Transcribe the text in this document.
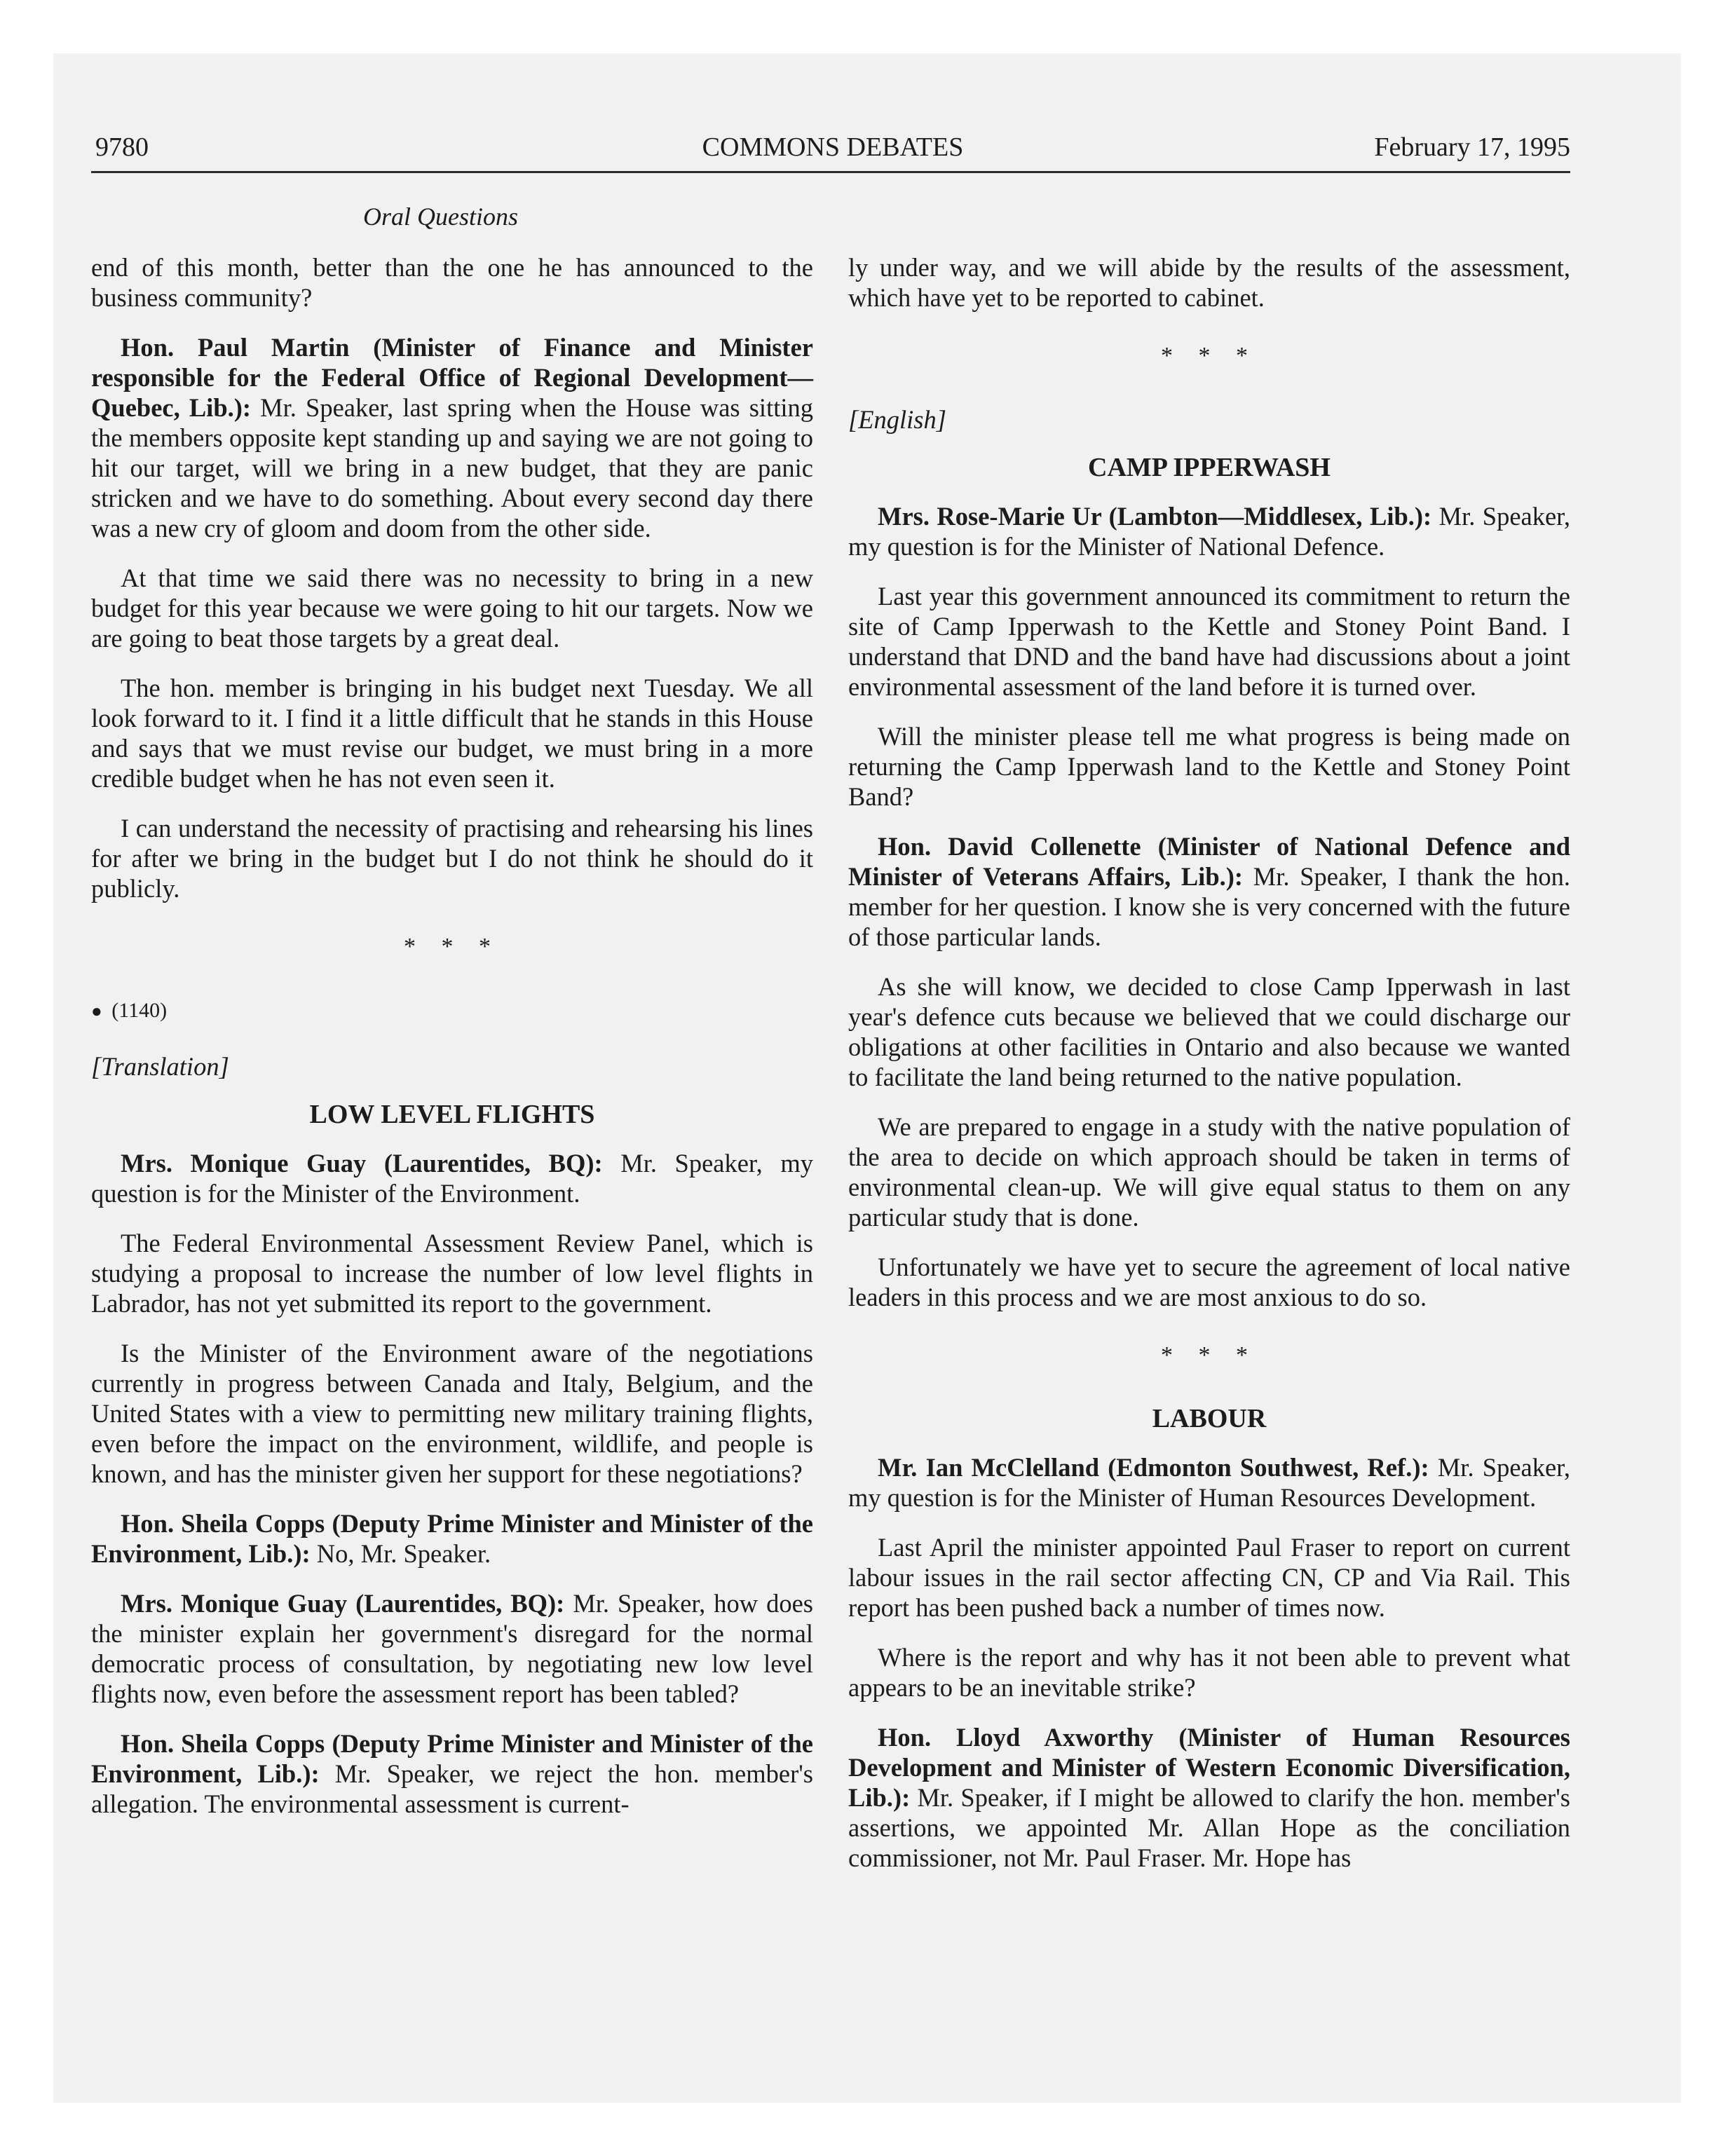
9780	COMMONS DEBATES	February 17, 1995
Oral Questions

end of this month, better than the one he has announced to the business community?

Hon. Paul Martin (Minister of Finance and Minister responsible for the Federal Office of Regional Development—Quebec, Lib.): Mr. Speaker, last spring when the House was sitting the members opposite kept standing up and saying we are not going to hit our target, will we bring in a new budget, that they are panic stricken and we have to do something. About every second day there was a new cry of gloom and doom from the other side.

At that time we said there was no necessity to bring in a new budget for this year because we were going to hit our targets. Now we are going to beat those targets by a great deal.

The hon. member is bringing in his budget next Tuesday. We all look forward to it. I find it a little difficult that he stands in this House and says that we must revise our budget, we must bring in a more credible budget when he has not even seen it.

I can understand the necessity of practising and rehearsing his lines for after we bring in the budget but I do not think he should do it publicly.

* * *
● (1140)
[Translation]
LOW LEVEL FLIGHTS

Mrs. Monique Guay (Laurentides, BQ): Mr. Speaker, my question is for the Minister of the Environment.

The Federal Environmental Assessment Review Panel, which is studying a proposal to increase the number of low level flights in Labrador, has not yet submitted its report to the government.

Is the Minister of the Environment aware of the negotiations currently in progress between Canada and Italy, Belgium, and the United States with a view to permitting new military training flights, even before the impact on the environment, wildlife, and people is known, and has the minister given her support for these negotiations?

Hon. Sheila Copps (Deputy Prime Minister and Minister of the Environment, Lib.): No, Mr. Speaker.

Mrs. Monique Guay (Laurentides, BQ): Mr. Speaker, how does the minister explain her government's disregard for the normal democratic process of consultation, by negotiating new low level flights now, even before the assessment report has been tabled?

Hon. Sheila Copps (Deputy Prime Minister and Minister of the Environment, Lib.): Mr. Speaker, we reject the hon. member's allegation. The environmental assessment is current-

ly under way, and we will abide by the results of the assessment, which have yet to be reported to cabinet.

* * *
[English]
CAMP IPPERWASH

Mrs. Rose-Marie Ur (Lambton—Middlesex, Lib.): Mr. Speaker, my question is for the Minister of National Defence.

Last year this government announced its commitment to return the site of Camp Ipperwash to the Kettle and Stoney Point Band. I understand that DND and the band have had discussions about a joint environmental assessment of the land before it is turned over.

Will the minister please tell me what progress is being made on returning the Camp Ipperwash land to the Kettle and Stoney Point Band?

Hon. David Collenette (Minister of National Defence and Minister of Veterans Affairs, Lib.): Mr. Speaker, I thank the hon. member for her question. I know she is very concerned with the future of those particular lands.

As she will know, we decided to close Camp Ipperwash in last year's defence cuts because we believed that we could discharge our obligations at other facilities in Ontario and also because we wanted to facilitate the land being returned to the native population.

We are prepared to engage in a study with the native population of the area to decide on which approach should be taken in terms of environmental clean-up. We will give equal status to them on any particular study that is done.

Unfortunately we have yet to secure the agreement of local native leaders in this process and we are most anxious to do so.

* * *
LABOUR

Mr. Ian McClelland (Edmonton Southwest, Ref.): Mr. Speaker, my question is for the Minister of Human Resources Development.

Last April the minister appointed Paul Fraser to report on current labour issues in the rail sector affecting CN, CP and Via Rail. This report has been pushed back a number of times now.

Where is the report and why has it not been able to prevent what appears to be an inevitable strike?

Hon. Lloyd Axworthy (Minister of Human Resources Development and Minister of Western Economic Diversification, Lib.): Mr. Speaker, if I might be allowed to clarify the hon. member's assertions, we appointed Mr. Allan Hope as the conciliation commissioner, not Mr. Paul Fraser. Mr. Hope has
